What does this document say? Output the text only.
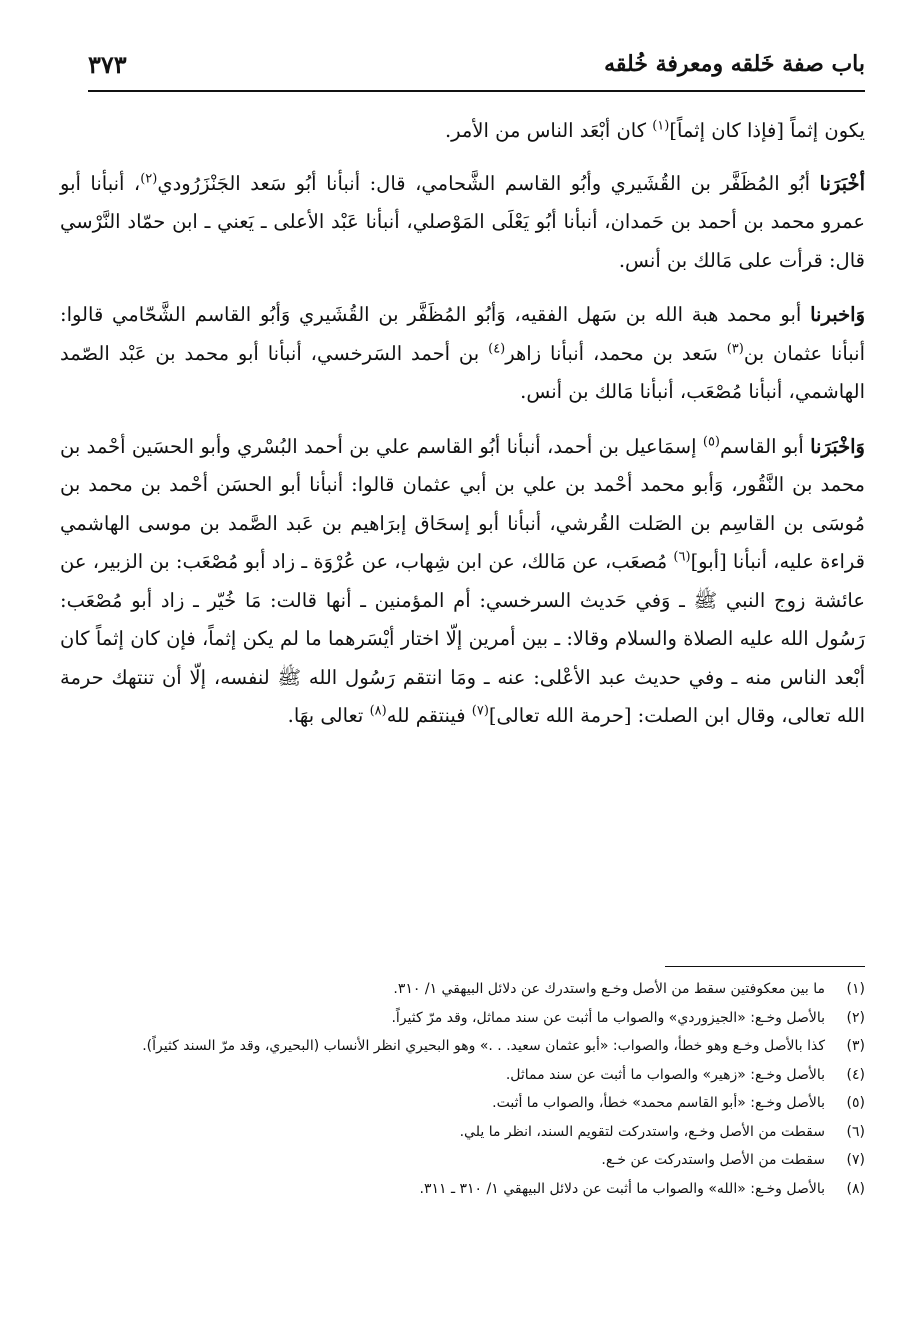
باب صفة خَلقه ومعرفة خُلقه
٣٧٣

يكون إثماً [فإذا كان إثماً]$^{(١)}$ كان أبْعَد الناس من الأمر.

أخْبَرَنا أبُو المُظَفَّر بن القُشَيري وأبُو القاسم الشَّحامي، قال: أنبأنا أبُو سَعد الجَنْزَرُودي$^{(٢)}$، أنبأنا أبو عمرو محمد بن أحمد بن حَمدان، أنبأنا أبُو يَعْلَى المَوْصلي، أنبأنا عَبْد الأعلى ـ يَعني ـ ابن حمّاد النَّرْسي قال: قرأت على مَالك بن أنس.

وَاخبرنا أبو محمد هبة الله بن سَهل الفقيه، وَأبُو المُظَفَّر بن القُشَيري وَأبُو القاسم الشَّحّامي قالوا: أنبأنا عثمان بن$^{(٣)}$ سَعد بن محمد، أنبأنا زاهر$^{(٤)}$ بن أحمد السَرخسي، أنبأنا أبو محمد بن عَبْد الصّمد الهاشمي، أنبأنا مُصْعَب، أنبأنا مَالك بن أنس.

وَاخْبَرَنا أبو القاسم$^{(٥)}$ إسمَاعيل بن أحمد، أنبأنا أبُو القاسم علي بن أحمد البُسْري وأبو الحسَين أحْمد بن محمد بن النَّقُور، وَأبو محمد أحْمد بن علي بن أبي عثمان قالوا: أنبأنا أبو الحسَن أحْمد بن محمد بن مُوسَى بن القاسِم بن الصَلت القُرشي، أنبأنا أبو إسحَاق إبرَاهيم بن عَبد الصَّمد بن موسى الهاشمي قراءة عليه، أنبأنا [أبو]$^{(٦)}$ مُصعَب، عن مَالك، عن ابن شِهاب، عن عُرْوَة ـ زاد أبو مُصْعَب: بن الزبير، عن عائشة زوج النبي ﷺ ـ وَفي حَديث السرخسي: أم المؤمنين ـ أنها قالت: مَا خُيّر ـ زاد أبو مُصْعَب: رَسُول الله عليه الصلاة والسلام وقالا: ـ بين أمرين إلّا اختار أيْسَرهما ما لم يكن إثماً، فإن كان إثماً كان أبْعد الناس منه ـ وفي حديث عبد الأعْلى: عنه ـ ومَا انتقم رَسُول الله ﷺ لنفسه، إلّا أن تنتهك حرمة الله تعالى، وقال ابن الصلت: [حرمة الله تعالى]$^{(٧)}$ فينتقم لله$^{(٨)}$ تعالى بهَا.

(١)
ما بين معكوفتين سقط من الأصل وخـع واستدرك عن دلائل البيهقي ١/ ٣١٠.
(٢)
بالأصل وخـع: «الجيزوردي» والصواب ما أثبت عن سند مماثل، وقد مرّ كثيراً.
(٣)
كذا بالأصل وخـع وهو خطأ، والصواب: «أبو عثمان سعيد. . .» وهو البحيري انظر الأنساب (البحيري، وقد مرّ السند كثيراً).
(٤)
بالأصل وخـع: «زهير» والصواب ما أثبت عن سند مماثل.
(٥)
بالأصل وخـع: «أبو القاسم محمد» خطأ، والصواب ما أثبت.
(٦)
سقطت من الأصل وخـع، واستدركت لتقويم السند، انظر ما يلي.
(٧)
سقطت من الأصل واستدركت عن خـع.
(٨)
بالأصل وخـع: «الله» والصواب ما أثبت عن دلائل البيهقي ١/ ٣١٠ ـ ٣١١.
